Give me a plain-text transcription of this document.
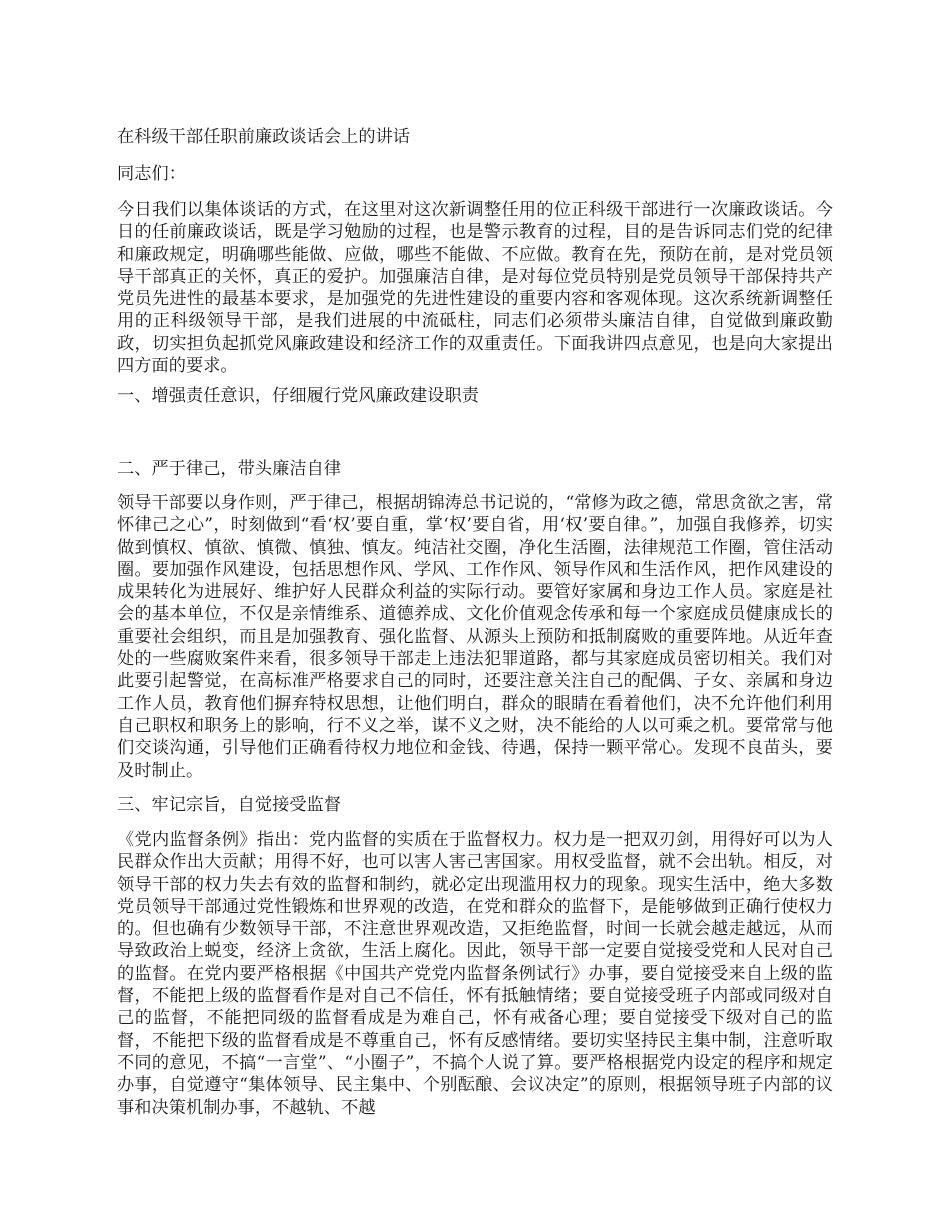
在科级干部任职前廉政谈话会上的讲话
同志们：
今日我们以集体谈话的方式，在这里对这次新调整任用的位正科级干部进行一次廉政谈话。今日的任前廉政谈话，既是学习勉励的过程，也是警示教育的过程，目的是告诉同志们党的纪律和廉政规定，明确哪些能做、应做，哪些不能做、不应做。教育在先，预防在前，是对党员领导干部真正的关怀，真正的爱护。加强廉洁自律，是对每位党员特别是党员领导干部保持共产党员先进性的最基本要求，是加强党的先进性建设的重要内容和客观体现。这次系统新调整任用的正科级领导干部，是我们进展的中流砥柱，同志们必须带头廉洁自律，自觉做到廉政勤政，切实担负起抓党风廉政建设和经济工作的双重责任。下面我讲四点意见，也是向大家提出四方面的要求。
一、增强责任意识，仔细履行党风廉政建设职责
二、严于律己，带头廉洁自律
领导干部要以身作则，严于律己，根据胡锦涛总书记说的，“常修为政之德，常思贪欲之害，常怀律己之心”，时刻做到“看‘权’要自重，掌‘权’要自省，用‘权’要自律。”，加强自我修养，切实做到慎权、慎欲、慎微、慎独、慎友。纯洁社交圈，净化生活圈，法律规范工作圈，管住活动圈。要加强作风建设，包括思想作风、学风、工作作风、领导作风和生活作风，把作风建设的成果转化为进展好、维护好人民群众利益的实际行动。要管好家属和身边工作人员。家庭是社会的基本单位，不仅是亲情维系、道德养成、文化价值观念传承和每一个家庭成员健康成长的重要社会组织，而且是加强教育、强化监督、从源头上预防和抵制腐败的重要阵地。从近年查处的一些腐败案件来看，很多领导干部走上违法犯罪道路，都与其家庭成员密切相关。我们对此要引起警觉，在高标准严格要求自己的同时，还要注意关注自己的配偶、子女、亲属和身边工作人员，教育他们摒弃特权思想，让他们明白，群众的眼睛在看着他们，决不允许他们利用自己职权和职务上的影响，行不义之举，谋不义之财，决不能给的人以可乘之机。要常常与他们交谈沟通，引导他们正确看待权力地位和金钱、待遇，保持一颗平常心。发现不良苗头，要及时制止。
三、牢记宗旨，自觉接受监督
《党内监督条例》指出：党内监督的实质在于监督权力。权力是一把双刃剑，用得好可以为人民群众作出大贡献；用得不好，也可以害人害己害国家。用权受监督，就不会出轨。相反，对领导干部的权力失去有效的监督和制约，就必定出现滥用权力的现象。现实生活中，绝大多数党员领导干部通过党性锻炼和世界观的改造，在党和群众的监督下，是能够做到正确行使权力的。但也确有少数领导干部，不注意世界观改造，又拒绝监督，时间一长就会越走越远，从而导致政治上蜕变，经济上贪欲，生活上腐化。因此，领导干部一定要自觉接受党和人民对自己的监督。在党内要严格根据《中国共产党党内监督条例试行》办事，要自觉接受来自上级的监督，不能把上级的监督看作是对自己不信任，怀有抵触情绪；要自觉接受班子内部或同级对自己的监督，不能把同级的监督看成是为难自己，怀有戒备心理；要自觉接受下级对自己的监督，不能把下级的监督看成是不尊重自己，怀有反感情绪。要切实坚持民主集中制，注意听取不同的意见，不搞“一言堂”、“小圈子”，不搞个人说了算。要严格根据党内设定的程序和规定办事，自觉遵守“集体领导、民主集中、个别酝酿、会议决定”的原则，根据领导班子内部的议事和决策机制办事，不越轨、不越
